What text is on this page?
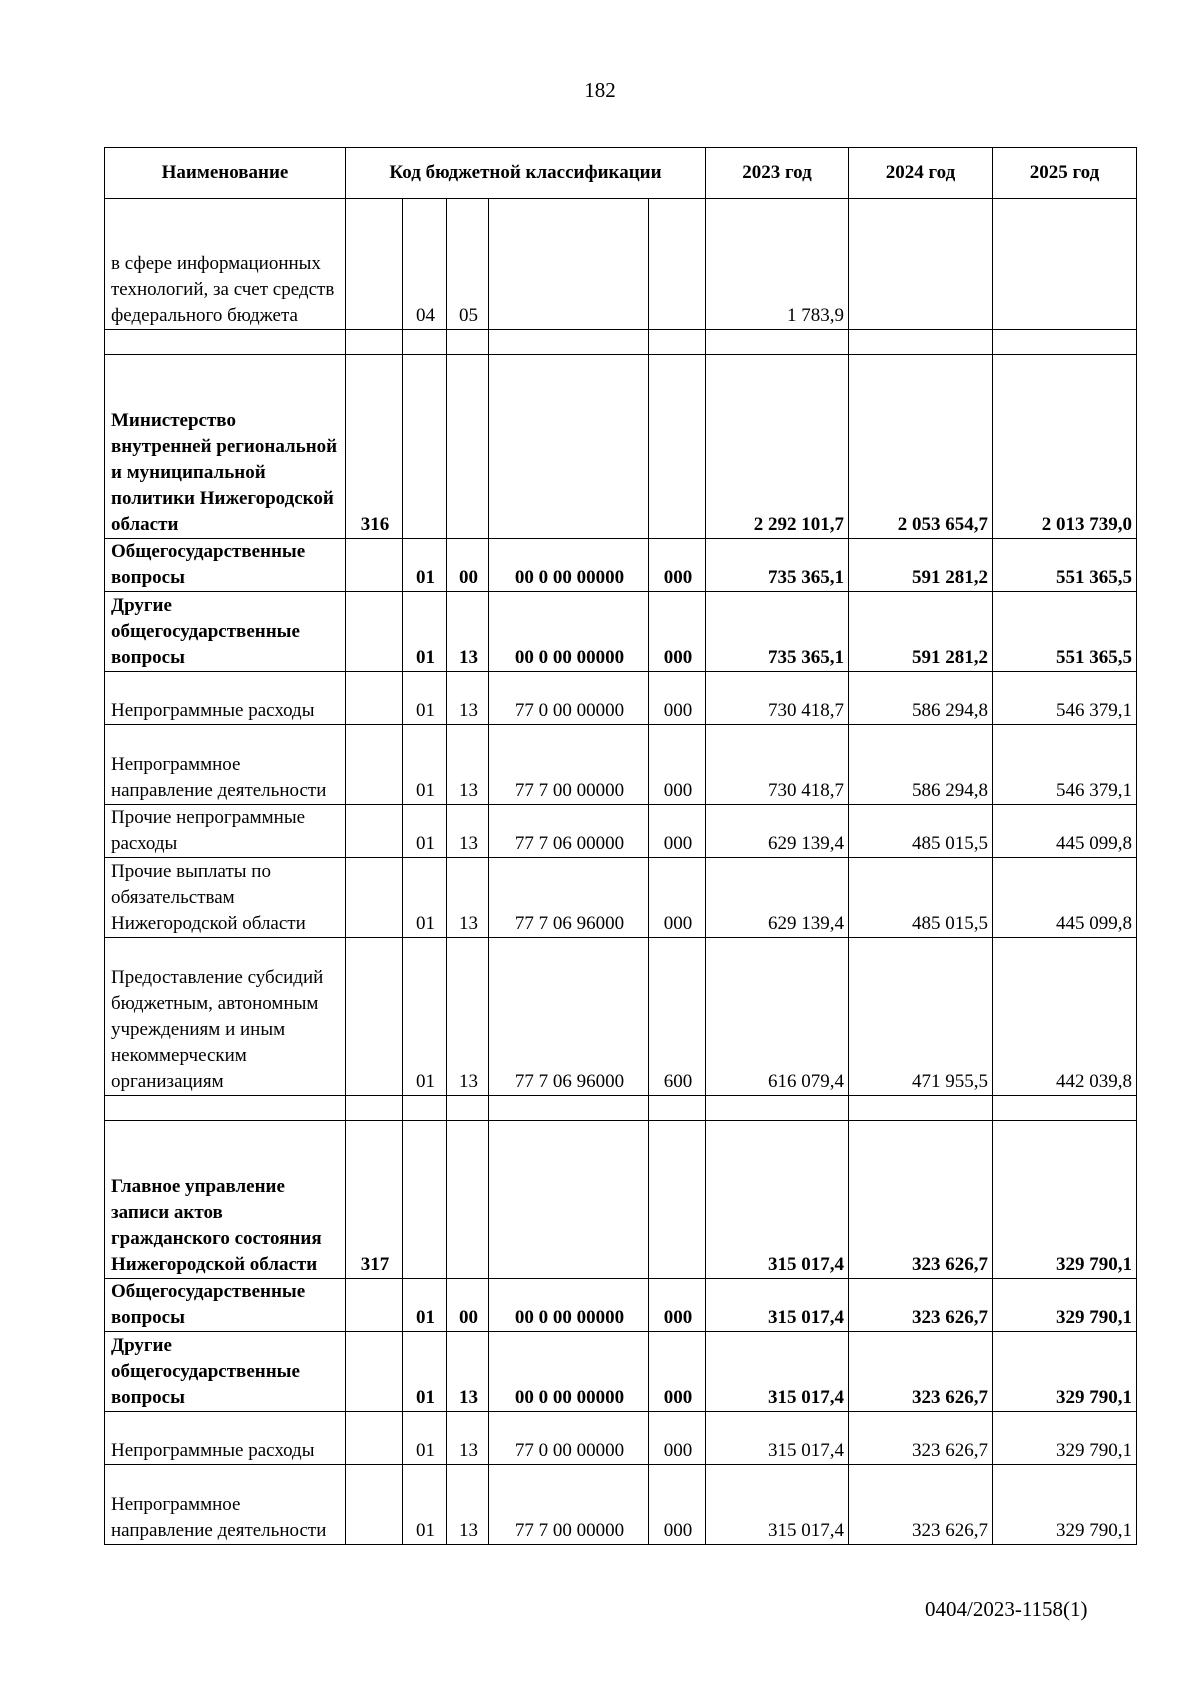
182
Наименование	Код бюджетной классификации					2023 год	2024 год	2025 год
в сфере информационных технологий, за счет средств федерального бюджета		04	05			1 783,9		

Министерство внутренней региональной и муниципальной политики Нижегородской области	316					2 292 101,7	2 053 654,7	2 013 739,0
Общегосударственные вопросы		01	00	00 0 00 00000	000	735 365,1	591 281,2	551 365,5
Другие общегосударственные вопросы		01	13	00 0 00 00000	000	735 365,1	591 281,2	551 365,5
Непрограммные расходы		01	13	77 0 00 00000	000	730 418,7	586 294,8	546 379,1
Непрограммное направление деятельности		01	13	77 7 00 00000	000	730 418,7	586 294,8	546 379,1
Прочие непрограммные расходы		01	13	77 7 06 00000	000	629 139,4	485 015,5	445 099,8
Прочие выплаты по обязательствам Нижегородской области		01	13	77 7 06 96000	000	629 139,4	485 015,5	445 099,8
Предоставление субсидий бюджетным, автономным учреждениям и иным некоммерческим организациям		01	13	77 7 06 96000	600	616 079,4	471 955,5	442 039,8

Главное управление записи актов гражданского состояния Нижегородской области	317					315 017,4	323 626,7	329 790,1
Общегосударственные вопросы		01	00	00 0 00 00000	000	315 017,4	323 626,7	329 790,1
Другие общегосударственные вопросы		01	13	00 0 00 00000	000	315 017,4	323 626,7	329 790,1
Непрограммные расходы		01	13	77 0 00 00000	000	315 017,4	323 626,7	329 790,1
Непрограммное направление деятельности		01	13	77 7 00 00000	000	315 017,4	323 626,7	329 790,1
0404/2023-1158(1)
